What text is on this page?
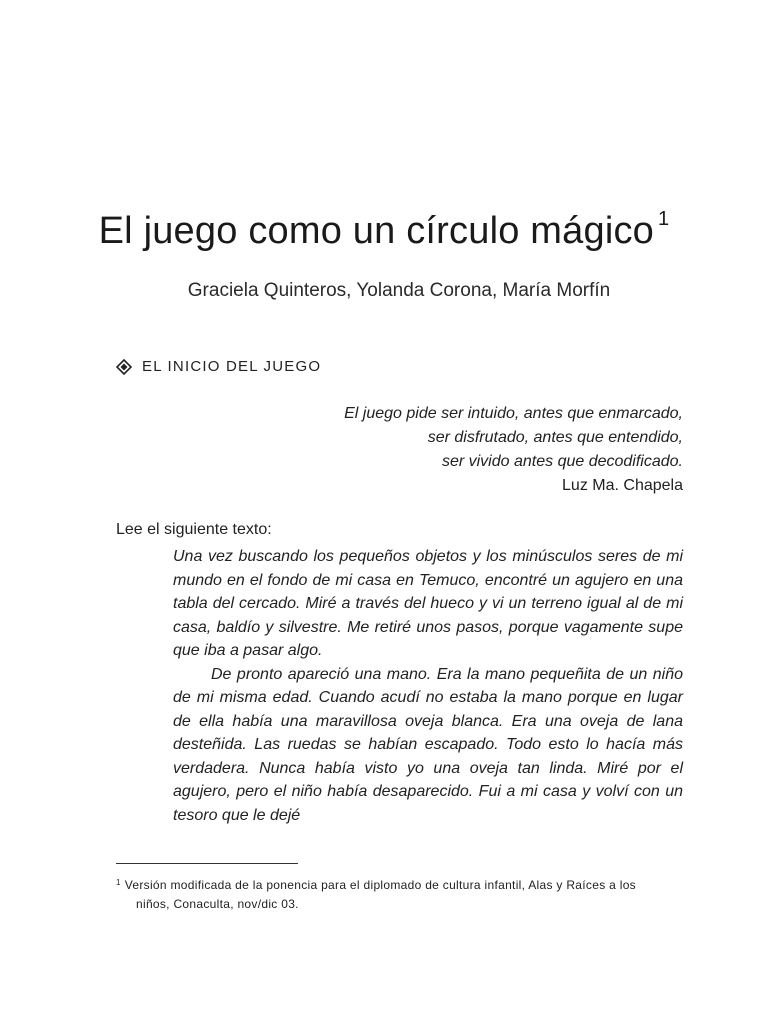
El juego como un círculo mágico $^1$
Graciela Quinteros, Yolanda Corona, María Morfín
EL INICIO DEL JUEGO
El juego pide ser intuido, antes que enmarcado,
ser disfrutado, antes que entendido,
ser vivido antes que decodificado.
Luz Ma. Chapela
Lee el siguiente texto:

Una vez buscando los pequeños objetos y los minúsculos seres de mi mundo en el fondo de mi casa en Temuco, encontré un agujero en una tabla del cercado. Miré a través del hueco y vi un terreno igual al de mi casa, baldío y silvestre. Me retiré unos pasos, porque vagamente supe que iba a pasar algo.

De pronto apareció una mano. Era la mano pequeñita de un niño de mi misma edad. Cuando acudí no estaba la mano porque en lugar de ella había una maravillosa oveja blanca. Era una oveja de lana desteñida. Las ruedas se habían escapado. Todo esto lo hacía más verdadera. Nunca había visto yo una oveja tan linda. Miré por el agujero, pero el niño había desaparecido. Fui a mi casa y volví con un tesoro que le dejé

$^1$ Versión modificada de la ponencia para el diplomado de cultura infantil, Alas y Raíces a los
niños, Conaculta, nov/dic 03.
